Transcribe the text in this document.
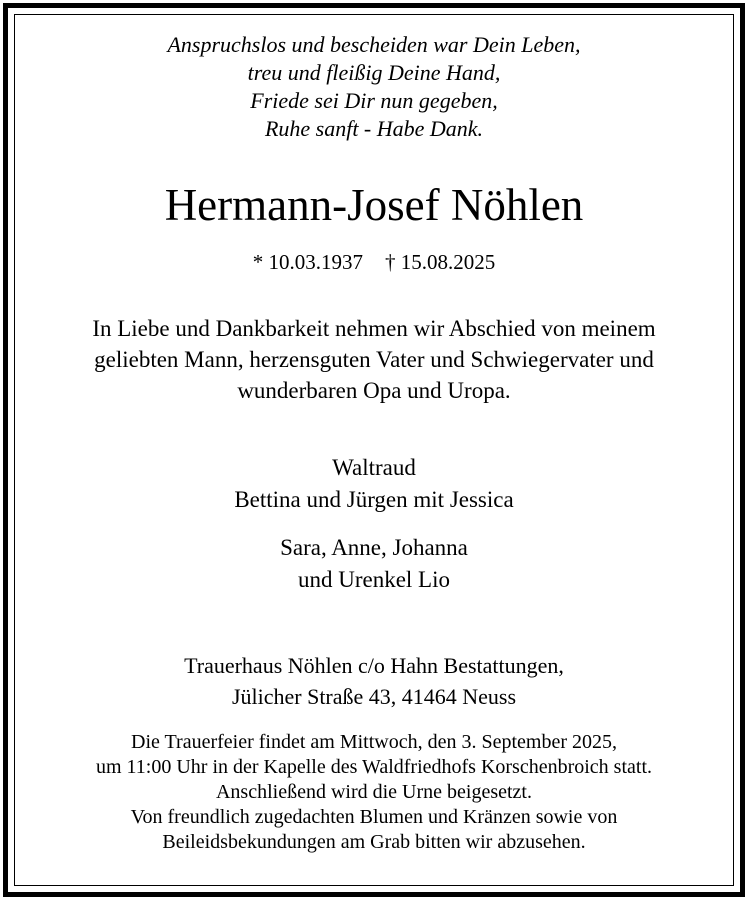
Anspruchslos und bescheiden war Dein Leben,
treu und fleißig Deine Hand,
Friede sei Dir nun gegeben,
Ruhe sanft - Habe Dank.
Hermann-Josef Nöhlen
* 10.03.1937 † 15.08.2025
In Liebe und Dankbarkeit nehmen wir Abschied von meinem
geliebten Mann, herzensguten Vater und Schwiegervater und
wunderbaren Opa und Uropa.
Waltraud
Bettina und Jürgen mit Jessica
Sara, Anne, Johanna
und Urenkel Lio
Trauerhaus Nöhlen c/o Hahn Bestattungen,
Jülicher Straße 43, 41464 Neuss
Die Trauerfeier findet am Mittwoch, den 3. September 2025,
um 11:00 Uhr in der Kapelle des Waldfriedhofs Korschenbroich statt.
Anschließend wird die Urne beigesetzt.
Von freundlich zugedachten Blumen und Kränzen sowie von
Beileidsbekundungen am Grab bitten wir abzusehen.
